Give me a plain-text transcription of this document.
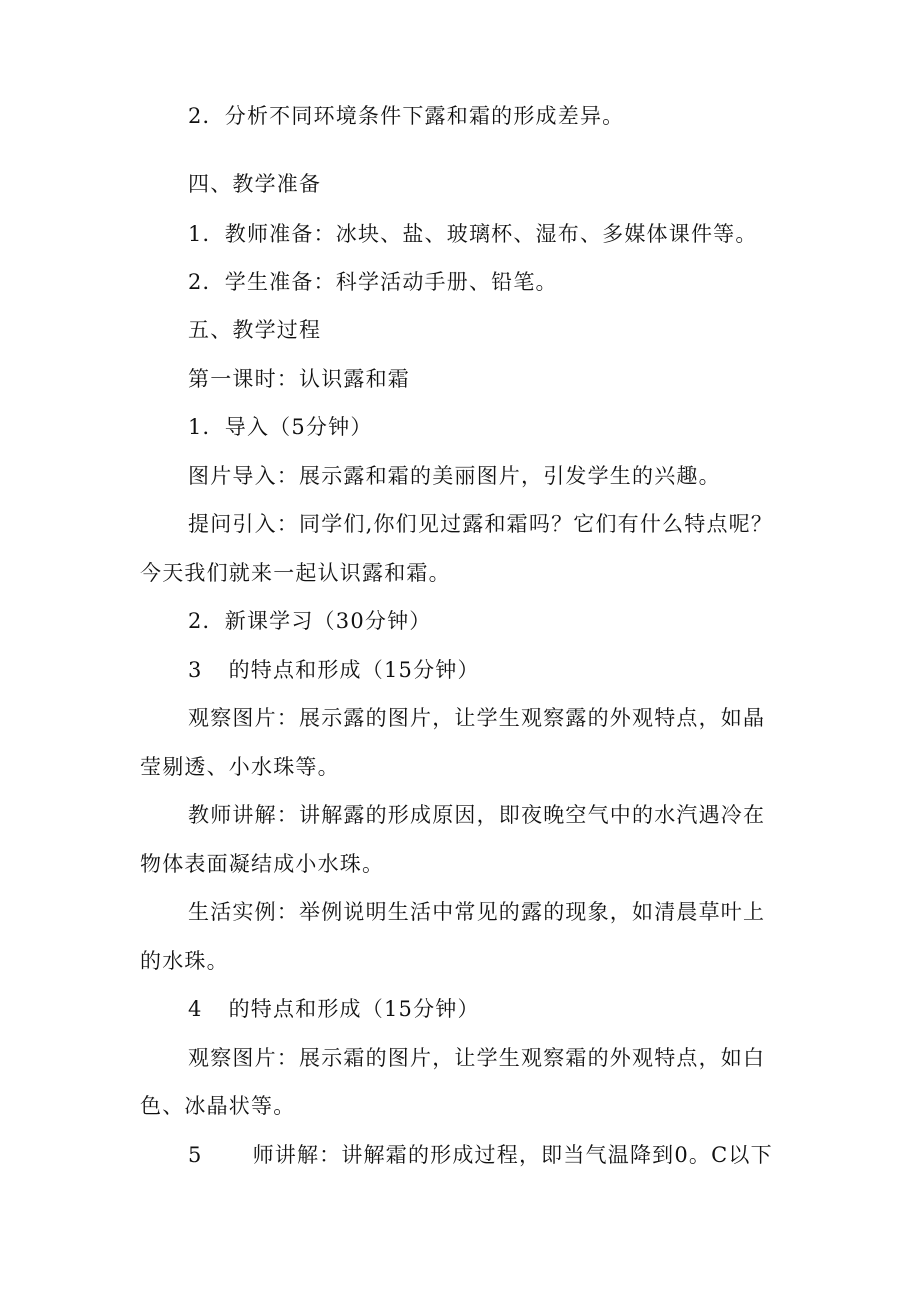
2．分析不同环境条件下露和霜的形成差异。
四、教学准备
1．教师准备：冰块、盐、玻璃杯、湿布、多媒体课件等。
2．学生准备：科学活动手册、铅笔。
五、教学过程
第一课时：认识露和霜
1．导入（5分钟）
图片导入：展示露和霜的美丽图片，引发学生的兴趣。
提问引入：同学们,你们见过露和霜吗？它们有什么特点呢？
今天我们就来一起认识露和霜。
2．新课学习（30分钟）
3 的特点和形成（15分钟）
观察图片：展示露的图片，让学生观察露的外观特点，如晶
莹剔透、小水珠等。
教师讲解：讲解露的形成原因，即夜晚空气中的水汽遇冷在
物体表面凝结成小水珠。
生活实例：举例说明生活中常见的露的现象，如清晨草叶上
的水珠。
4 的特点和形成（15分钟）
观察图片：展示霜的图片，让学生观察霜的外观特点，如白
色、冰晶状等。
5 师讲解：讲解霜的形成过程，即当气温降到0。C以下
